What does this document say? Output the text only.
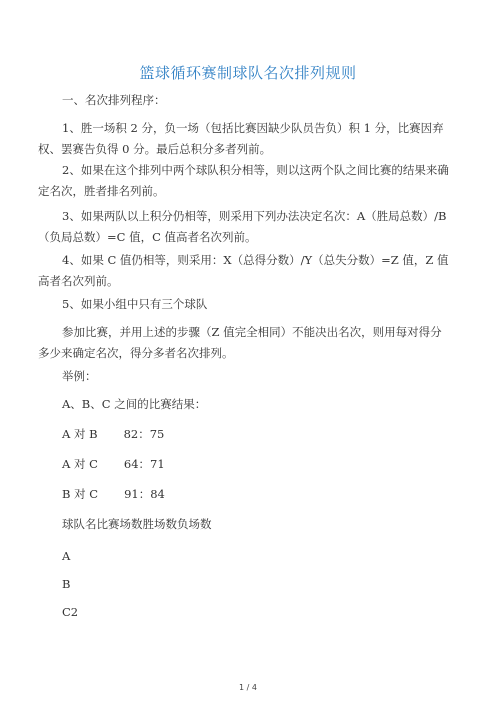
篮球循环赛制球队名次排列规则

一、名次排列程序：

1、胜一场积 2 分，负一场（包括比赛因缺少队员告负）积 1 分，比赛因弃权、罢赛告负得 0 分。最后总积分多者列前。

2、如果在这个排列中两个球队积分相等，则以这两个队之间比赛的结果来确定名次，胜者排名列前。

3、如果两队以上积分仍相等，则采用下列办法决定名次：A（胜局总数）/B（负局总数）=C 值，C 值高者名次列前。

4、如果 C 值仍相等，则采用：X（总得分数）/Y（总失分数）=Z 值，Z 值高者名次列前。

5、如果小组中只有三个球队

参加比赛，并用上述的步骤（Z 值完全相同）不能决出名次，则用每对得分多少来确定名次，得分多者名次排列。

举例：

A、B、C 之间的比赛结果：

A 对 B 82：75

A 对 C 64：71

B 对 C 91：84

球队名比赛场数胜场数负场数

A

B

C2

1 / 4
